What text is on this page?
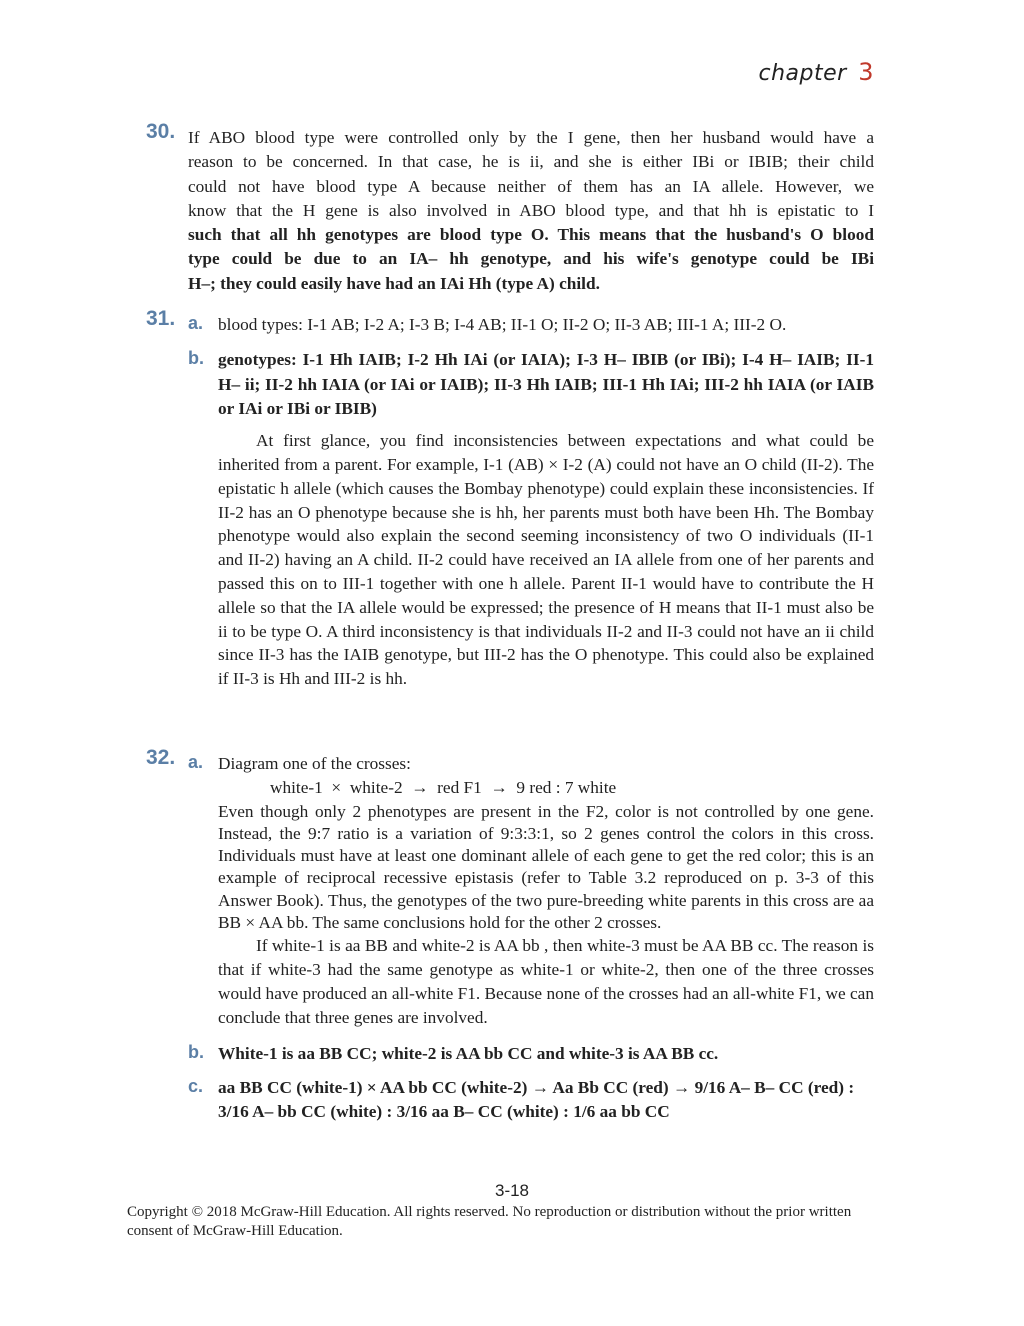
chapter 3
30. If ABO blood type were controlled only by the I gene, then her husband would have a
reason to be concerned. In that case, he is ii, and she is either IBi or IBIB; their child
could not have blood type A because neither of them has an IA allele. However, we
know that the H gene is also involved in ABO blood type, and that hh is epistatic to I
such that all hh genotypes are blood type O. This means that the husband's O blood
type could be due to an IA– hh genotype, and his wife's genotype could be IBi
H–; they could easily have had an IAi Hh (type A) child.
31. a. blood types: I-1 AB; I-2 A; I-3 B; I-4 AB; II-1 O; II-2 O; II-3 AB; III-1 A; III-2 O.
b. genotypes: I-1 Hh IAIB; I-2 Hh IAi (or IAIA); I-3 H– IBIB (or IBi); I-4 H– IAIB; II-1 H– ii; II-2 hh IAIA (or IAi or IAIB); II-3 Hh IAIB; III-1 Hh IAi; III-2 hh IAIA (or IAIB or IAi or IBi or IBIB)

At first glance, you find inconsistencies between expectations and what could be inherited from a parent. For example, I-1 (AB) × I-2 (A) could not have an O child (II-2). The epistatic h allele (which causes the Bombay phenotype) could explain these inconsistencies. If II-2 has an O phenotype because she is hh, her parents must both have been Hh. The Bombay phenotype would also explain the second seeming inconsistency of two O individuals (II-1 and II-2) having an A child. II-2 could have received an IA allele from one of her parents and passed this on to III-1 together with one h allele. Parent II-1 would have to contribute the H allele so that the IA allele would be expressed; the presence of H means that II-1 must also be ii to be type O. A third inconsistency is that individuals II-2 and II-3 could not have an ii child since II-3 has the IAIB genotype, but III-2 has the O phenotype. This could also be explained if II-3 is Hh and III-2 is hh.

32. a. Diagram one of the crosses:
white-1  ×  white-2  →  red F1  →  9 red : 7 white

Even though only 2 phenotypes are present in the F2, color is not controlled by one gene. Instead, the 9:7 ratio is a variation of 9:3:3:1, so 2 genes control the colors in this cross. Individuals must have at least one dominant allele of each gene to get the red color; this is an example of reciprocal recessive epistasis (refer to Table 3.2 reproduced on p. 3-3 of this Answer Book). Thus, the genotypes of the two pure-breeding white parents in this cross are aa BB × AA bb. The same conclusions hold for the other 2 crosses.

If white-1 is aa BB and white-2 is AA bb , then white-3 must be AA BB cc. The reason is that if white-3 had the same genotype as white-1 or white-2, then one of the three crosses would have produced an all-white F1. Because none of the crosses had an all-white F1, we can conclude that three genes are involved.

b. White-1 is aa BB CC; white-2 is AA bb CC and white-3 is AA BB cc.
c. aa BB CC (white-1) × AA bb CC (white-2) → Aa Bb CC (red) → 9/16 A– B– CC (red) : 3/16 A– bb CC (white) : 3/16 aa B– CC (white) : 1/6 aa bb CC
3-18
Copyright © 2018 McGraw-Hill Education. All rights reserved. No reproduction or distribution without the prior written consent of McGraw-Hill Education.
